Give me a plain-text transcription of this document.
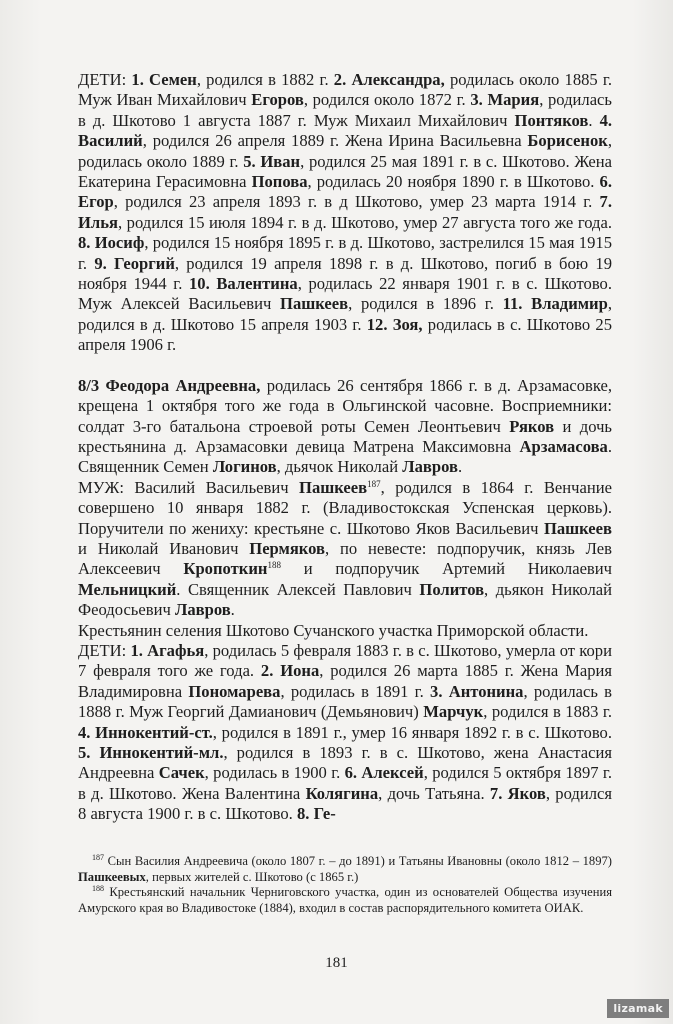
ДЕТИ: 1. Семен, родился в 1882 г. 2. Александра, родилась около 1885 г. Муж Иван Михайлович Егоров, родился около 1872 г. 3. Мария, родилась в д. Шкотово 1 августа 1887 г. Муж Михаил Михайлович Понтяков. 4. Василий, родился 26 апреля 1889 г. Жена Ирина Васильевна Борисенок, родилась около 1889 г. 5. Иван, родился 25 мая 1891 г. в с. Шкотово. Жена Екатерина Герасимовна Попова, родилась 20 ноября 1890 г. в Шкотово. 6. Егор, родился 23 апреля 1893 г. в д Шкотово, умер 23 марта 1914 г. 7. Илья, родился 15 июля 1894 г. в д. Шкотово, умер 27 августа того же года. 8. Иосиф, родился 15 ноября 1895 г. в д. Шкотово, застрелился 15 мая 1915 г. 9. Георгий, родился 19 апреля 1898 г. в д. Шкотово, погиб в бою 19 ноября 1944 г. 10. Валентина, родилась 22 января 1901 г. в с. Шкотово. Муж Алексей Васильевич Пашкеев, родился в 1896 г. 11. Владимир, родился в д. Шкотово 15 апреля 1903 г. 12. Зоя, родилась в с. Шкотово 25 апреля 1906 г.

8/3 Феодора Андреевна, родилась 26 сентября 1866 г. в д. Арзамасовке, крещена 1 октября того же года в Ольгинской часовне. Восприемники: солдат 3-го батальона строевой роты Семен Леонтьевич Ряков и дочь крестьянина д. Арзамасовки девица Матрена Максимовна Арзамасова. Священник Семен Логинов, дьячок Николай Лавров.

МУЖ: Василий Васильевич Пашкеев$^{187}$, родился в 1864 г. Венчание совершено 10 января 1882 г. (Владивостокская Успенская церковь). Поручители по жениху: крестьяне с. Шкотово Яков Васильевич Пашкеев и Николай Иванович Пермяков, по невесте: подпоручик, князь Лев Алексеевич Кропоткин$^{188}$ и подпоручик Артемий Николаевич Мельницкий. Священник Алексей Павлович Политов, дьякон Николай Феодосьевич Лавров.

Крестьянин селения Шкотово Сучанского участка Приморской области.

ДЕТИ: 1. Агафья, родилась 5 февраля 1883 г. в с. Шкотово, умерла от кори 7 февраля того же года. 2. Иона, родился 26 марта 1885 г. Жена Мария Владимировна Пономарева, родилась в 1891 г. 3. Антонина, родилась в 1888 г. Муж Георгий Дамианович (Демьянович) Марчук, родился в 1883 г. 4. Иннокентий-ст., родился в 1891 г., умер 16 января 1892 г. в с. Шкотово. 5. Иннокентий-мл., родился в 1893 г. в с. Шкотово, жена Анастасия Андреевна Сачек, родилась в 1900 г. 6. Алексей, родился 5 октября 1897 г. в д. Шкотово. Жена Валентина Колягина, дочь Татьяна. 7. Яков, родился 8 августа 1900 г. в с. Шкотово. 8. Ге-

$^{187}$ Сын Василия Андреевича (около 1807 г. – до 1891) и Татьяны Ивановны (около 1812 – 1897) Пашкеевых, первых жителей с. Шкотово (с 1865 г.)

$^{188}$ Крестьянский начальник Черниговского участка, один из основателей Общества изучения Амурского края во Владивостоке (1884), входил в состав распорядительного комитета ОИАК.

181
lizamak
